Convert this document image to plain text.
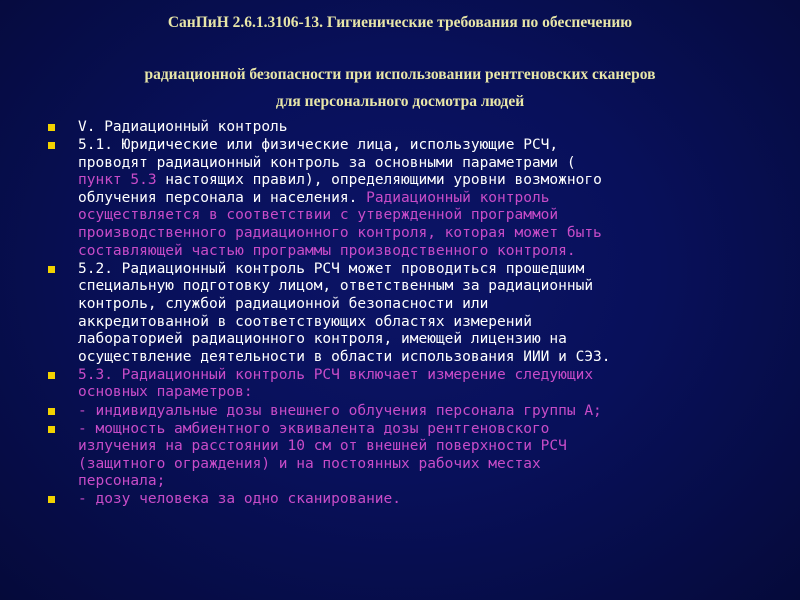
СанПиН 2.6.1.3106-13. Гигиенические требования по обеспечению
радиационной безопасности при использовании рентгеновских сканеров
для персонального досмотра людей
V. Радиационный контроль
5.1. Юридические или физические лица, использующие РСЧ,
проводят радиационный контроль за основными параметрами (
пункт 5.3 настоящих правил), определяющими уровни возможного
облучения персонала и населения. Радиационный контроль
осуществляется в соответствии с утвержденной программой
производственного радиационного контроля, которая может быть
составляющей частью программы производственного контроля.
5.2. Радиационный контроль РСЧ может проводиться прошедшим
специальную подготовку лицом, ответственным за радиационный
контроль, службой радиационной безопасности или
аккредитованной в соответствующих областях измерений
лабораторией радиационного контроля, имеющей лицензию на
осуществление деятельности в области использования ИИИ и СЭЗ.
5.3. Радиационный контроль РСЧ включает измерение следующих
основных параметров:
- индивидуальные дозы внешнего облучения персонала группы А;
- мощность амбиентного эквивалента дозы рентгеновского
излучения на расстоянии 10 см от внешней поверхности РСЧ
(защитного ограждения) и на постоянных рабочих местах
персонала;
- дозу человека за одно сканирование.
